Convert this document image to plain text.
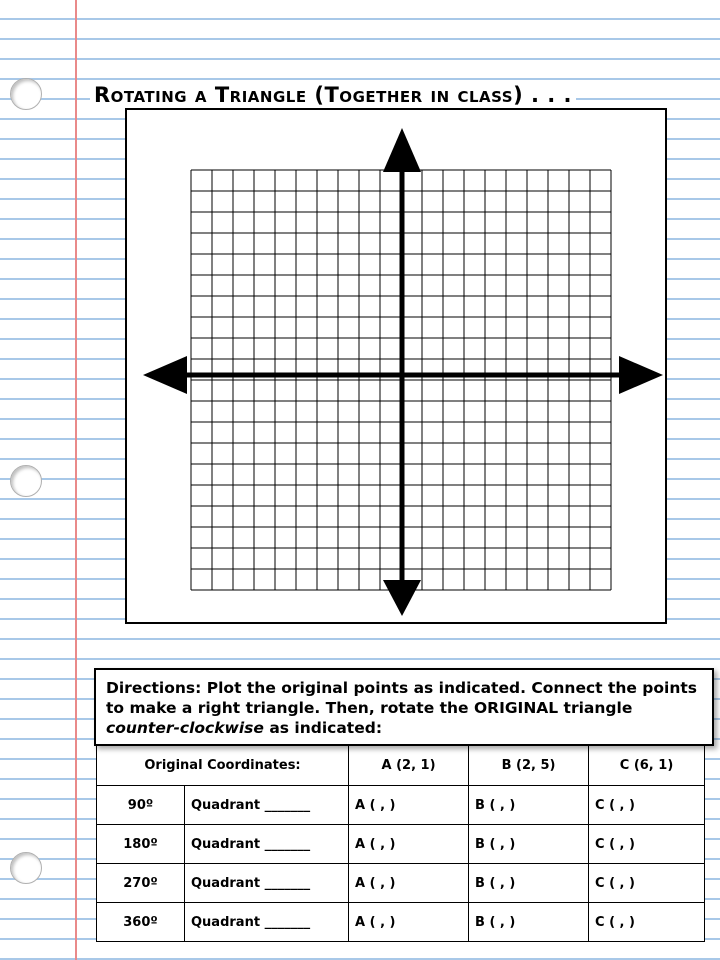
Rotating a Triangle (Together in class) . . .
Directions: Plot the original points as indicated. Connect the points to make a right triangle. Then, rotate the ORIGINAL triangle counter-clockwise as indicated:
Original Coordinates:		A (2, 1)	B (2, 5)	C (6, 1)
90º	Quadrant _______	A ( , )	B ( , )	C ( , )
180º	Quadrant _______	A ( , )	B ( , )	C ( , )
270º	Quadrant _______	A ( , )	B ( , )	C ( , )
360º	Quadrant _______	A ( , )	B ( , )	C ( , )
